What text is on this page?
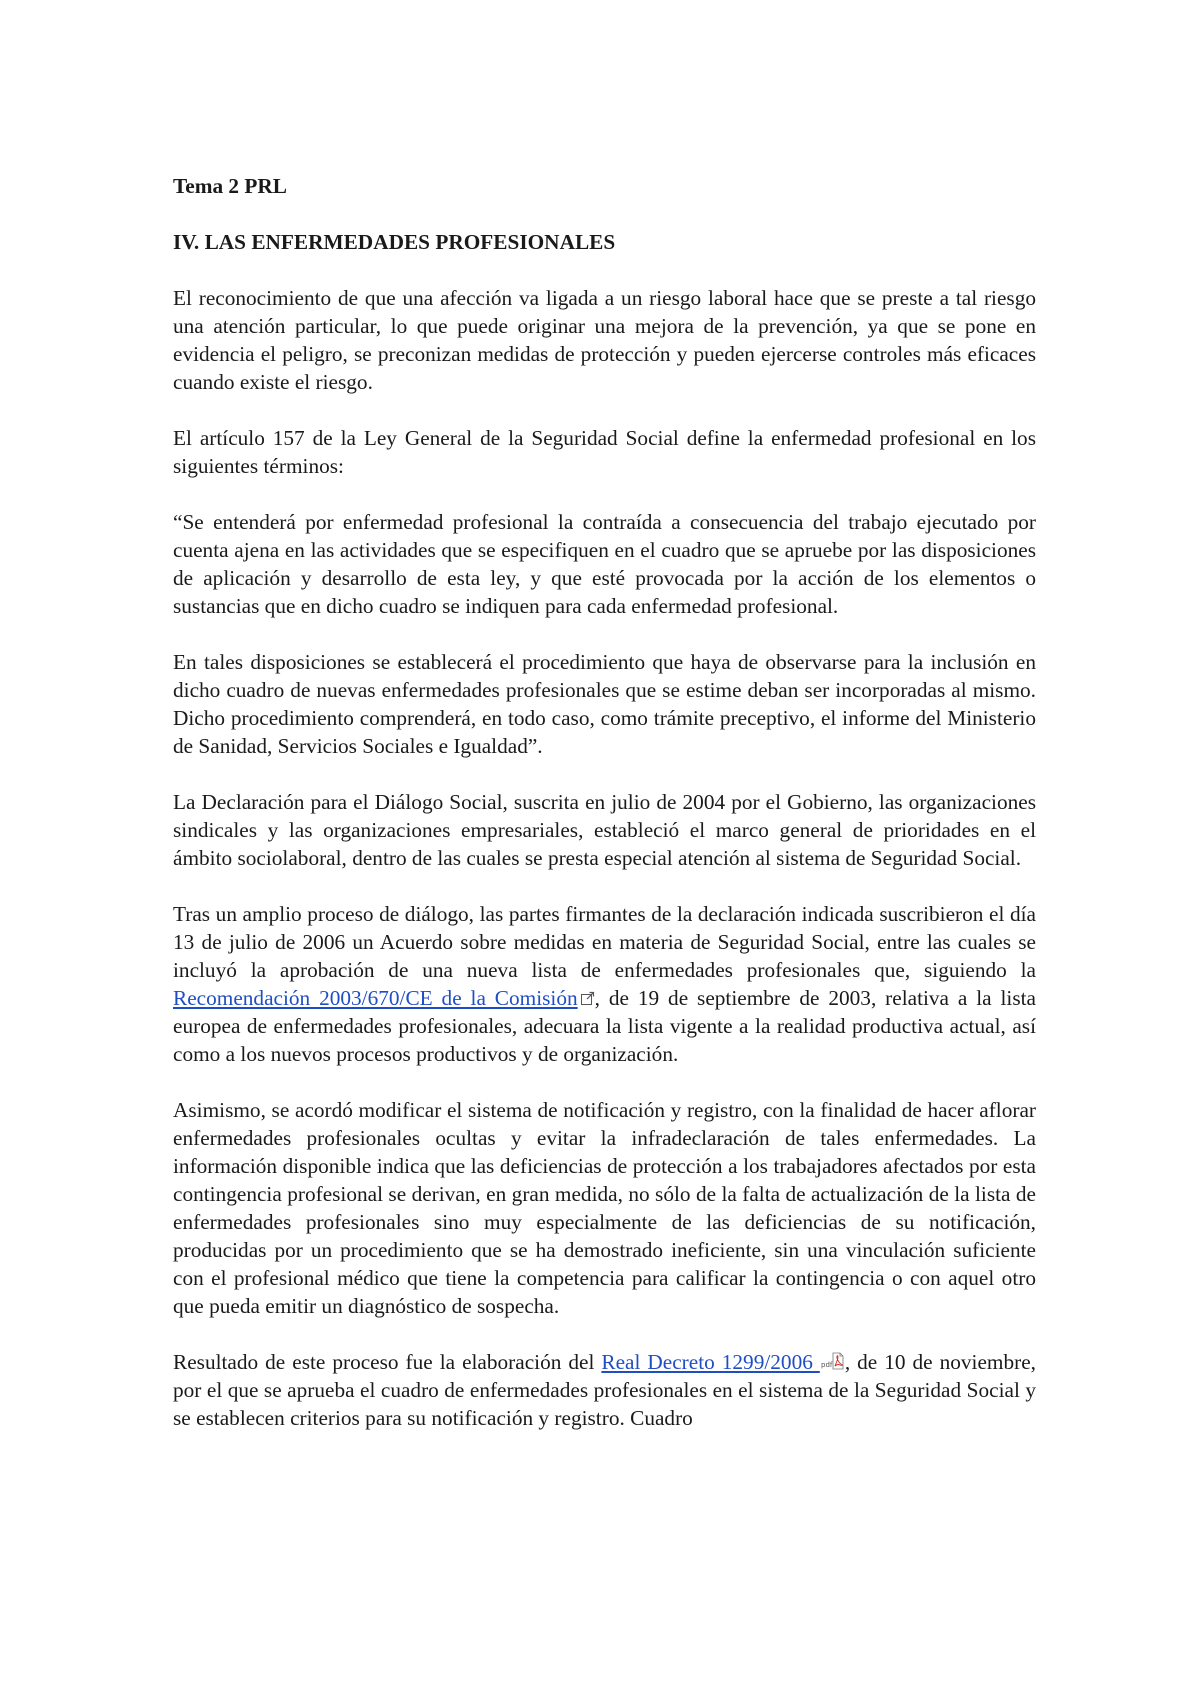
Tema 2 PRL
IV. LAS ENFERMEDADES PROFESIONALES

El reconocimiento de que una afección va ligada a un riesgo laboral hace que se preste a tal riesgo una atención particular, lo que puede originar una mejora de la prevención, ya que se pone en evidencia el peligro, se preconizan medidas de protección y pueden ejercerse controles más eficaces cuando existe el riesgo.

El artículo 157 de la Ley General de la Seguridad Social define la enfermedad profesional en los siguientes términos:

“Se entenderá por enfermedad profesional la contraída a consecuencia del trabajo ejecutado por cuenta ajena en las actividades que se especifiquen en el cuadro que se apruebe por las disposiciones de aplicación y desarrollo de esta ley, y que esté provocada por la acción de los elementos o sustancias que en dicho cuadro se indiquen para cada enfermedad profesional.

En tales disposiciones se establecerá el procedimiento que haya de observarse para la inclusión en dicho cuadro de nuevas enfermedades profesionales que se estime deban ser incorporadas al mismo. Dicho procedimiento comprenderá, en todo caso, como trámite preceptivo, el informe del Ministerio de Sanidad, Servicios Sociales e Igualdad”.

La Declaración para el Diálogo Social, suscrita en julio de 2004 por el Gobierno, las organizaciones sindicales y las organizaciones empresariales, estableció el marco general de prioridades en el ámbito sociolaboral, dentro de las cuales se presta especial atención al sistema de Seguridad Social.

Tras un amplio proceso de diálogo, las partes firmantes de la declaración indicada suscribieron el día 13 de julio de 2006 un Acuerdo sobre medidas en materia de Seguridad Social, entre las cuales se incluyó la aprobación de una nueva lista de enfermedades profesionales que, siguiendo la Recomendación 2003/670/CE de la Comisión , de 19 de septiembre de 2003, relativa a la lista europea de enfermedades profesionales, adecuara la lista vigente a la realidad productiva actual, así como a los nuevos procesos productivos y de organización.

Asimismo, se acordó modificar el sistema de notificación y registro, con la finalidad de hacer aflorar enfermedades profesionales ocultas y evitar la infradeclaración de tales enfermedades. La información disponible indica que las deficiencias de protección a los trabajadores afectados por esta contingencia profesional se derivan, en gran medida, no sólo de la falta de actualización de la lista de enfermedades profesionales sino muy especialmente de las deficiencias de su notificación, producidas por un procedimiento que se ha demostrado ineficiente, sin una vinculación suficiente con el profesional médico que tiene la competencia para calificar la contingencia o con aquel otro que pueda emitir un diagnóstico de sospecha.

Resultado de este proceso fue la elaboración del Real Decreto 1299/2006 pdf , de 10 de noviembre, por el que se aprueba el cuadro de enfermedades profesionales en el sistema de la Seguridad Social y se establecen criterios para su notificación y registro. Cuadro
